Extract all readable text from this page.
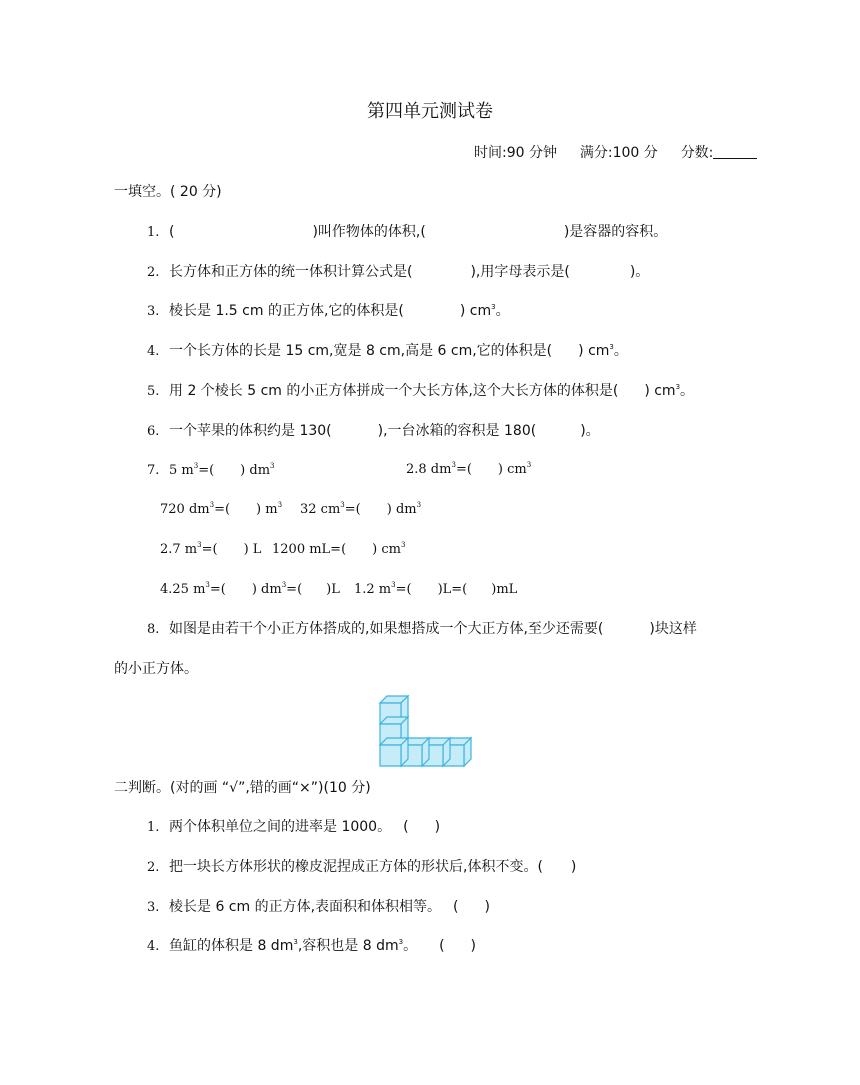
第四单元测试卷
时间:90 分钟 满分:100 分 分数:
一填空。( 20 分)
1. (	)叫作物体的体积,(	)是容器的容积。
2. 长方体和正方体的统一体积计算公式是(	),用字母表示是(	)。
3. 棱长是 1.5 cm 的正方体,它的体积是(	) $cm^3$。
4. 一个长方体的长是 15 cm,宽是 8 cm,高是 6 cm,它的体积是( ) $cm^3$。
5. 用 2 个棱长 5 cm 的小正方体拼成一个大长方体,这个大长方体的体积是( ) $cm^3$。
6. 一个苹果的体积约是 130(	),一台冰箱的容积是 180(	)。
7. 5 $m^3=$( ) $dm^3$	2.8 $dm^3=$( ) $cm^3$
720 $dm^3=$( ) $m^3$ 32 $cm^3=$( ) $dm^3$
2.7 $m^3=$( ) L 1200 mL=( ) $cm^3$
4.25 $m^3=$( ) $dm^3=$( )L 1.2 $m^3=$( )L=( )mL
8. 如图是由若干个小正方体搭成的,如果想搭成一个大正方体,至少还需要(	)块这样
的小正方体。
二判断。(对的画 “√”,错的画“×”)(10 分)
1. 两个体积单位之间的进率是 1000。 ( )
2. 把一块长方体形状的橡皮泥捏成正方体的形状后,体积不变。( )
3. 棱长是 6 cm 的正方体,表面积和体积相等。 ( )
4. 鱼缸的体积是 8 $dm^3$,容积也是 8 $dm^3$。 ( )
